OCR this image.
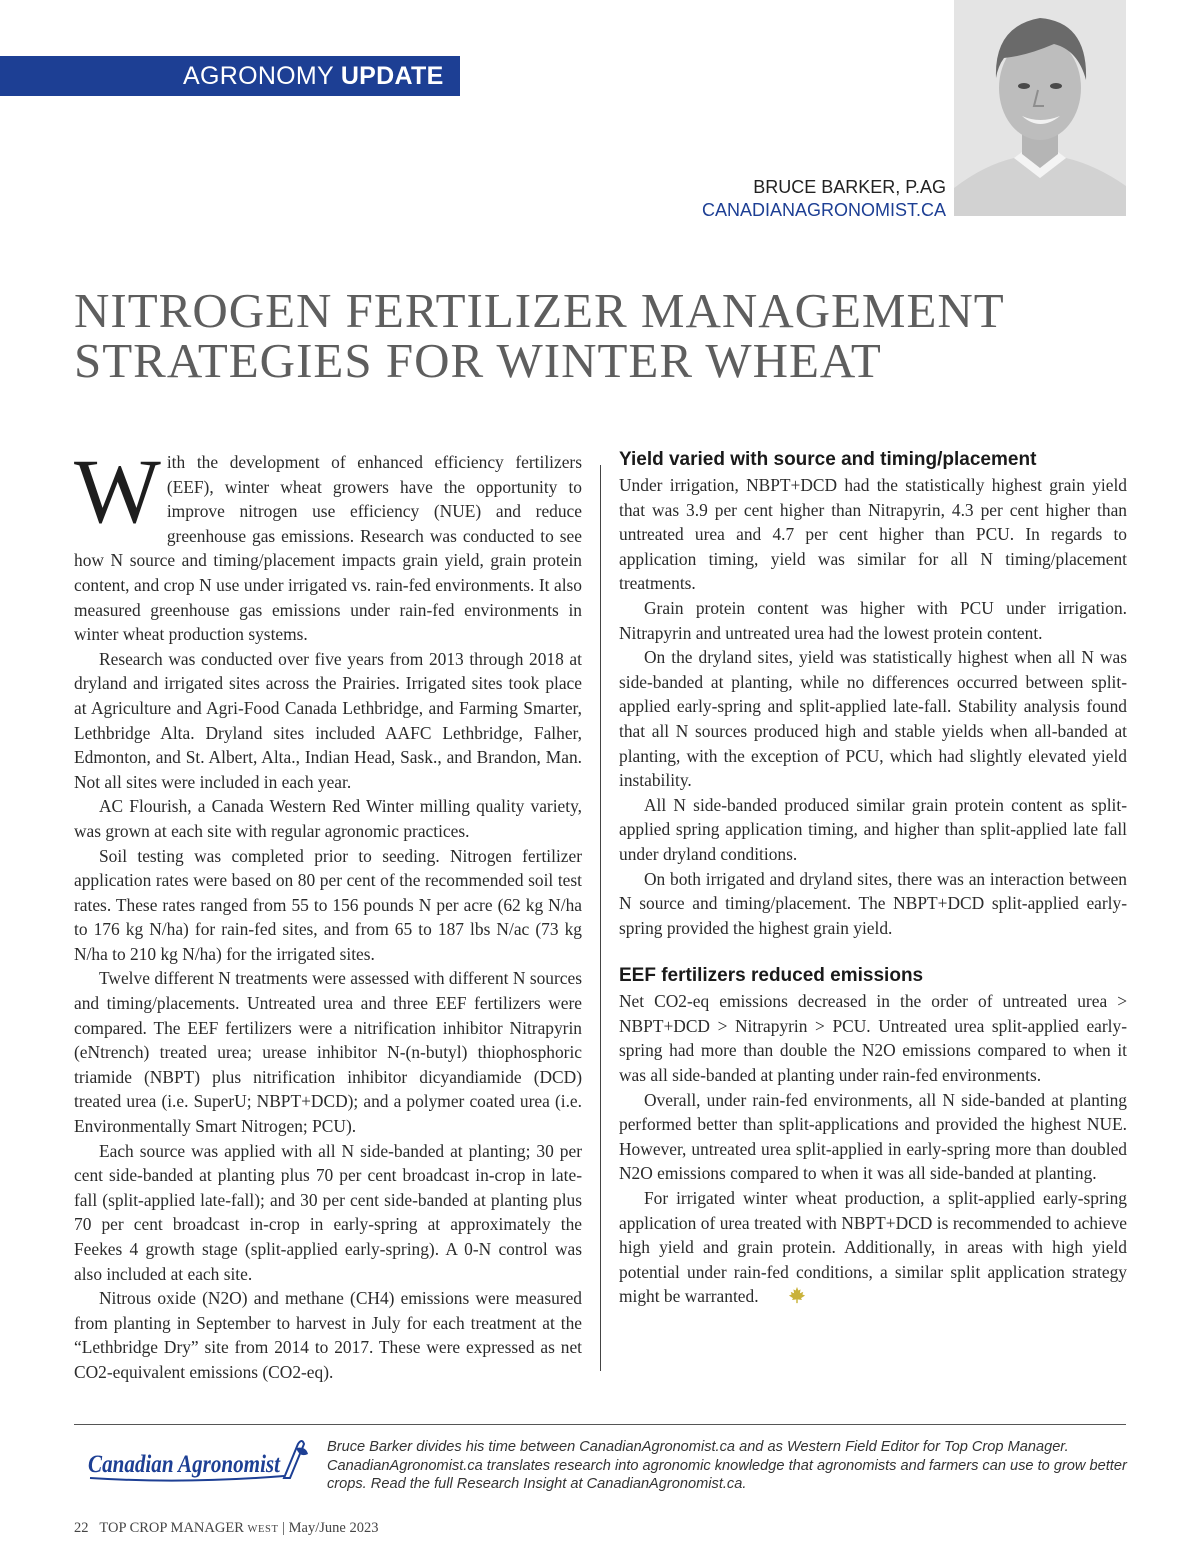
AGRONOMY UPDATE
BRUCE BARKER, P.AG
CANADIANAGRONOMIST.CA
NITROGEN FERTILIZER MANAGEMENT
STRATEGIES FOR WINTER WHEAT

With the development of enhanced efficiency fertilizers (EEF), winter wheat growers have the opportunity to improve nitrogen use efficiency (NUE) and reduce greenhouse gas emissions. Research was conducted to see how N source and timing/placement impacts grain yield, grain protein content, and crop N use under irrigated vs. rain-fed environments. It also measured greenhouse gas emissions under rain-fed environments in winter wheat production systems.

Research was conducted over five years from 2013 through 2018 at dryland and irrigated sites across the Prairies. Irrigated sites took place at Agriculture and Agri-Food Canada Lethbridge, and Farming Smarter, Lethbridge Alta. Dryland sites included AAFC Lethbridge, Falher, Edmonton, and St. Albert, Alta., Indian Head, Sask., and Brandon, Man. Not all sites were included in each year.

AC Flourish, a Canada Western Red Winter milling quality variety, was grown at each site with regular agronomic practices.

Soil testing was completed prior to seeding. Nitrogen fertilizer application rates were based on 80 per cent of the recommended soil test rates. These rates ranged from 55 to 156 pounds N per acre (62 kg N/ha to 176 kg N/ha) for rain-fed sites, and from 65 to 187 lbs N/ac (73 kg N/ha to 210 kg N/ha) for the irrigated sites.

Twelve different N treatments were assessed with different N sources and timing/placements. Untreated urea and three EEF fertilizers were compared. The EEF fertilizers were a nitrification inhibitor Nitrapyrin (eNtrench) treated urea; urease inhibitor N-(n-butyl) thiophosphoric triamide (NBPT) plus nitrification inhibitor dicyandiamide (DCD) treated urea (i.e. SuperU; NBPT+DCD); and a polymer coated urea (i.e. Environmentally Smart Nitrogen; PCU).

Each source was applied with all N side-banded at planting; 30 per cent side-banded at planting plus 70 per cent broadcast in-crop in late-fall (split-applied late-fall); and 30 per cent side-banded at planting plus 70 per cent broadcast in-crop in early-spring at approximately the Feekes 4 growth stage (split-applied early-spring). A 0-N control was also included at each site.

Nitrous oxide (N2O) and methane (CH4) emissions were measured from planting in September to harvest in July for each treatment at the “Lethbridge Dry” site from 2014 to 2017. These were expressed as net CO2-equivalent emissions (CO2-eq).

Yield varied with source and timing/placement

Under irrigation, NBPT+DCD had the statistically highest grain yield that was 3.9 per cent higher than Nitrapyrin, 4.3 per cent higher than untreated urea and 4.7 per cent higher than PCU. In regards to application timing, yield was similar for all N timing/placement treatments.

Grain protein content was higher with PCU under irrigation. Nitrapyrin and untreated urea had the lowest protein content.

On the dryland sites, yield was statistically highest when all N was side-banded at planting, while no differences occurred between split-applied early-spring and split-applied late-fall. Stability analysis found that all N sources produced high and stable yields when all-banded at planting, with the exception of PCU, which had slightly elevated yield instability.

All N side-banded produced similar grain protein content as split-applied spring application timing, and higher than split-applied late fall under dryland conditions.

On both irrigated and dryland sites, there was an interaction between N source and timing/placement. The NBPT+DCD split-applied early-spring provided the highest grain yield.

EEF fertilizers reduced emissions

Net CO2-eq emissions decreased in the order of untreated urea > NBPT+DCD > Nitrapyrin > PCU. Untreated urea split-applied early-spring had more than double the N2O emissions compared to when it was all side-banded at planting under rain-fed environments.

Overall, under rain-fed environments, all N side-banded at planting performed better than split-applications and provided the highest NUE. However, untreated urea split-applied in early-spring more than doubled N2O emissions compared to when it was all side-banded at planting.

For irrigated winter wheat production, a split-applied early-spring application of urea treated with NBPT+DCD is recommended to achieve high yield and grain protein. Additionally, in areas with high yield potential under rain-fed conditions, a similar split application strategy might be warranted.

Canadian Agronomist
Bruce Barker divides his time between CanadianAgronomist.ca and as Western Field Editor for Top Crop Manager. CanadianAgronomist.ca translates research into agronomic knowledge that agronomists and farmers can use to grow better crops. Read the full Research Insight at CanadianAgronomist.ca.
22 TOP CROP MANAGER WEST | May/June 2023
